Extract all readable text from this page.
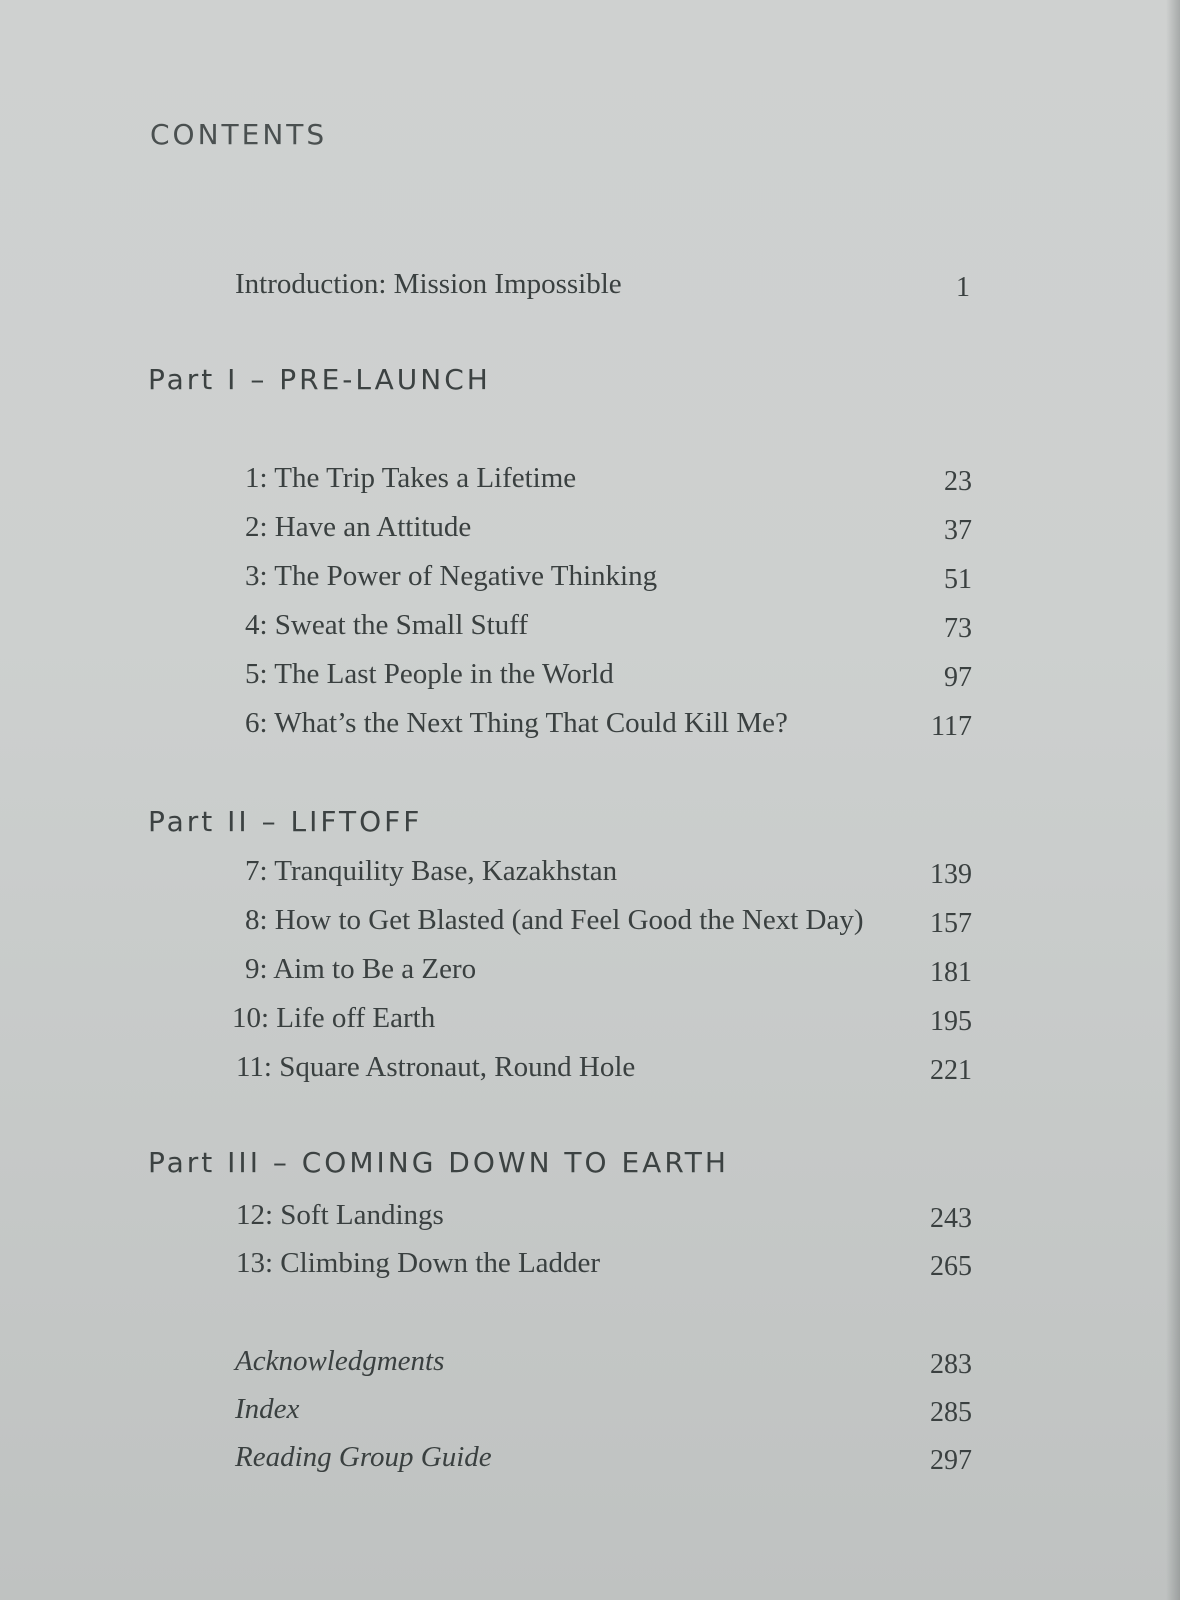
CONTENTS
Introduction: Mission Impossible	1
Part I – PRE-LAUNCH
1: The Trip Takes a Lifetime	23
2: Have an Attitude	37
3: The Power of Negative Thinking	51
4: Sweat the Small Stuff	73
5: The Last People in the World	97
6: What’s the Next Thing That Could Kill Me?	117
Part II – LIFTOFF
7: Tranquility Base, Kazakhstan	139
8: How to Get Blasted (and Feel Good the Next Day) 157
9: Aim to Be a Zero	181
10: Life off Earth	195
11: Square Astronaut, Round Hole	221
Part III – COMING DOWN TO EARTH
12: Soft Landings	243
13: Climbing Down the Ladder	265
Acknowledgments	283
Index	285
Reading Group Guide	297
